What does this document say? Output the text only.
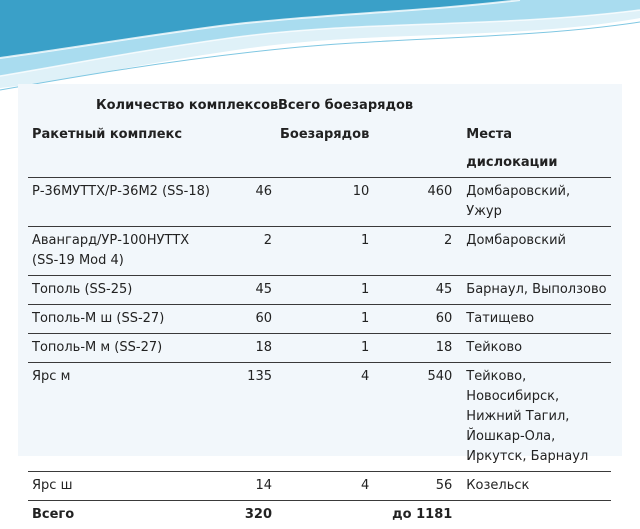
Количество комплексов Всего боезарядов
Ракетный комплекс		Боезарядов		Места дислокации

Р-36МУТТХ/Р-36М2 (SS-18)	46	10	460	Домбаровский, Ужур

Авангард/УР-100НУТТХ
(SS-19 Mod 4)	2	1	2	Домбаровский

Тополь (SS-25)	45	1	45	Барнаул, Выползово

Тополь-М ш (SS-27)	60	1	60	Татищево

Тополь-М м (SS-27)	18	1	18	Тейково

Ярс м	135	4	540	Тейково, Новосибирск,
Нижний Тагил, Йошкар-Ола,
Иркутск, Барнаул

Ярс ш	14	4	56	Козельск

Всего	320		до 1181	
